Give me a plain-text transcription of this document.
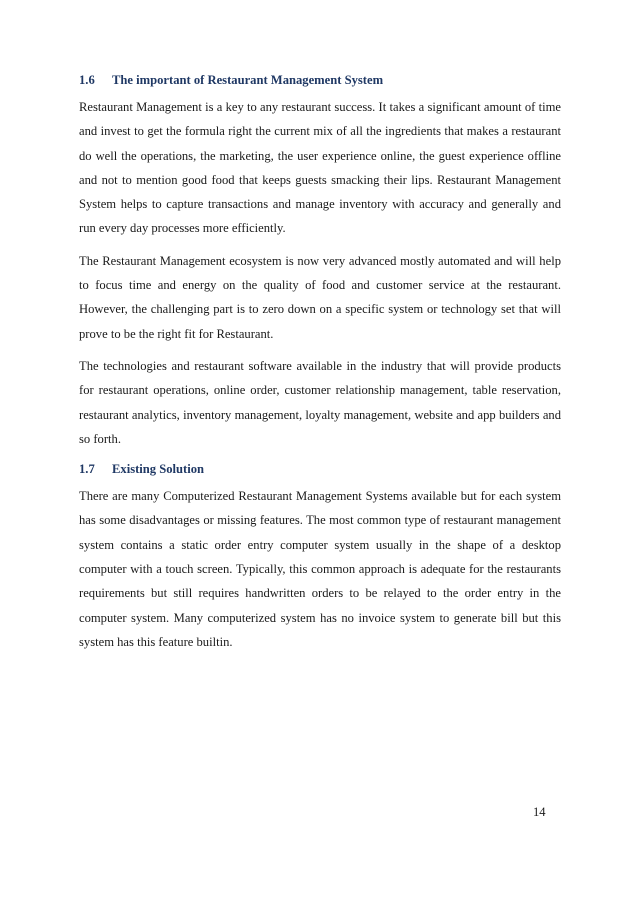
1.6 The important of Restaurant Management System

Restaurant Management is a key to any restaurant success. It takes a significant amount of time and invest to get the formula right the current mix of all the ingredients that makes a restaurant do well the operations, the marketing, the user experience online, the guest experience offline and not to mention good food that keeps guests smacking their lips. Restaurant Management System helps to capture transactions and manage inventory with accuracy and generally and run every day processes more efficiently.

The Restaurant Management ecosystem is now very advanced mostly automated and will help to focus time and energy on the quality of food and customer service at the restaurant. However, the challenging part is to zero down on a specific system or technology set that will prove to be the right fit for Restaurant.

The technologies and restaurant software available in the industry that will provide products for restaurant operations, online order, customer relationship management, table reservation, restaurant analytics, inventory management, loyalty management, website and app builders and so forth.

1.7 Existing Solution

There are many Computerized Restaurant Management Systems available but for each system has some disadvantages or missing features. The most common type of restaurant management system contains a static order entry computer system usually in the shape of a desktop computer with a touch screen. Typically, this common approach is adequate for the restaurants requirements but still requires handwritten orders to be relayed to the order entry in the computer system. Many computerized system has no invoice system to generate bill but this system has this feature builtin.

14
